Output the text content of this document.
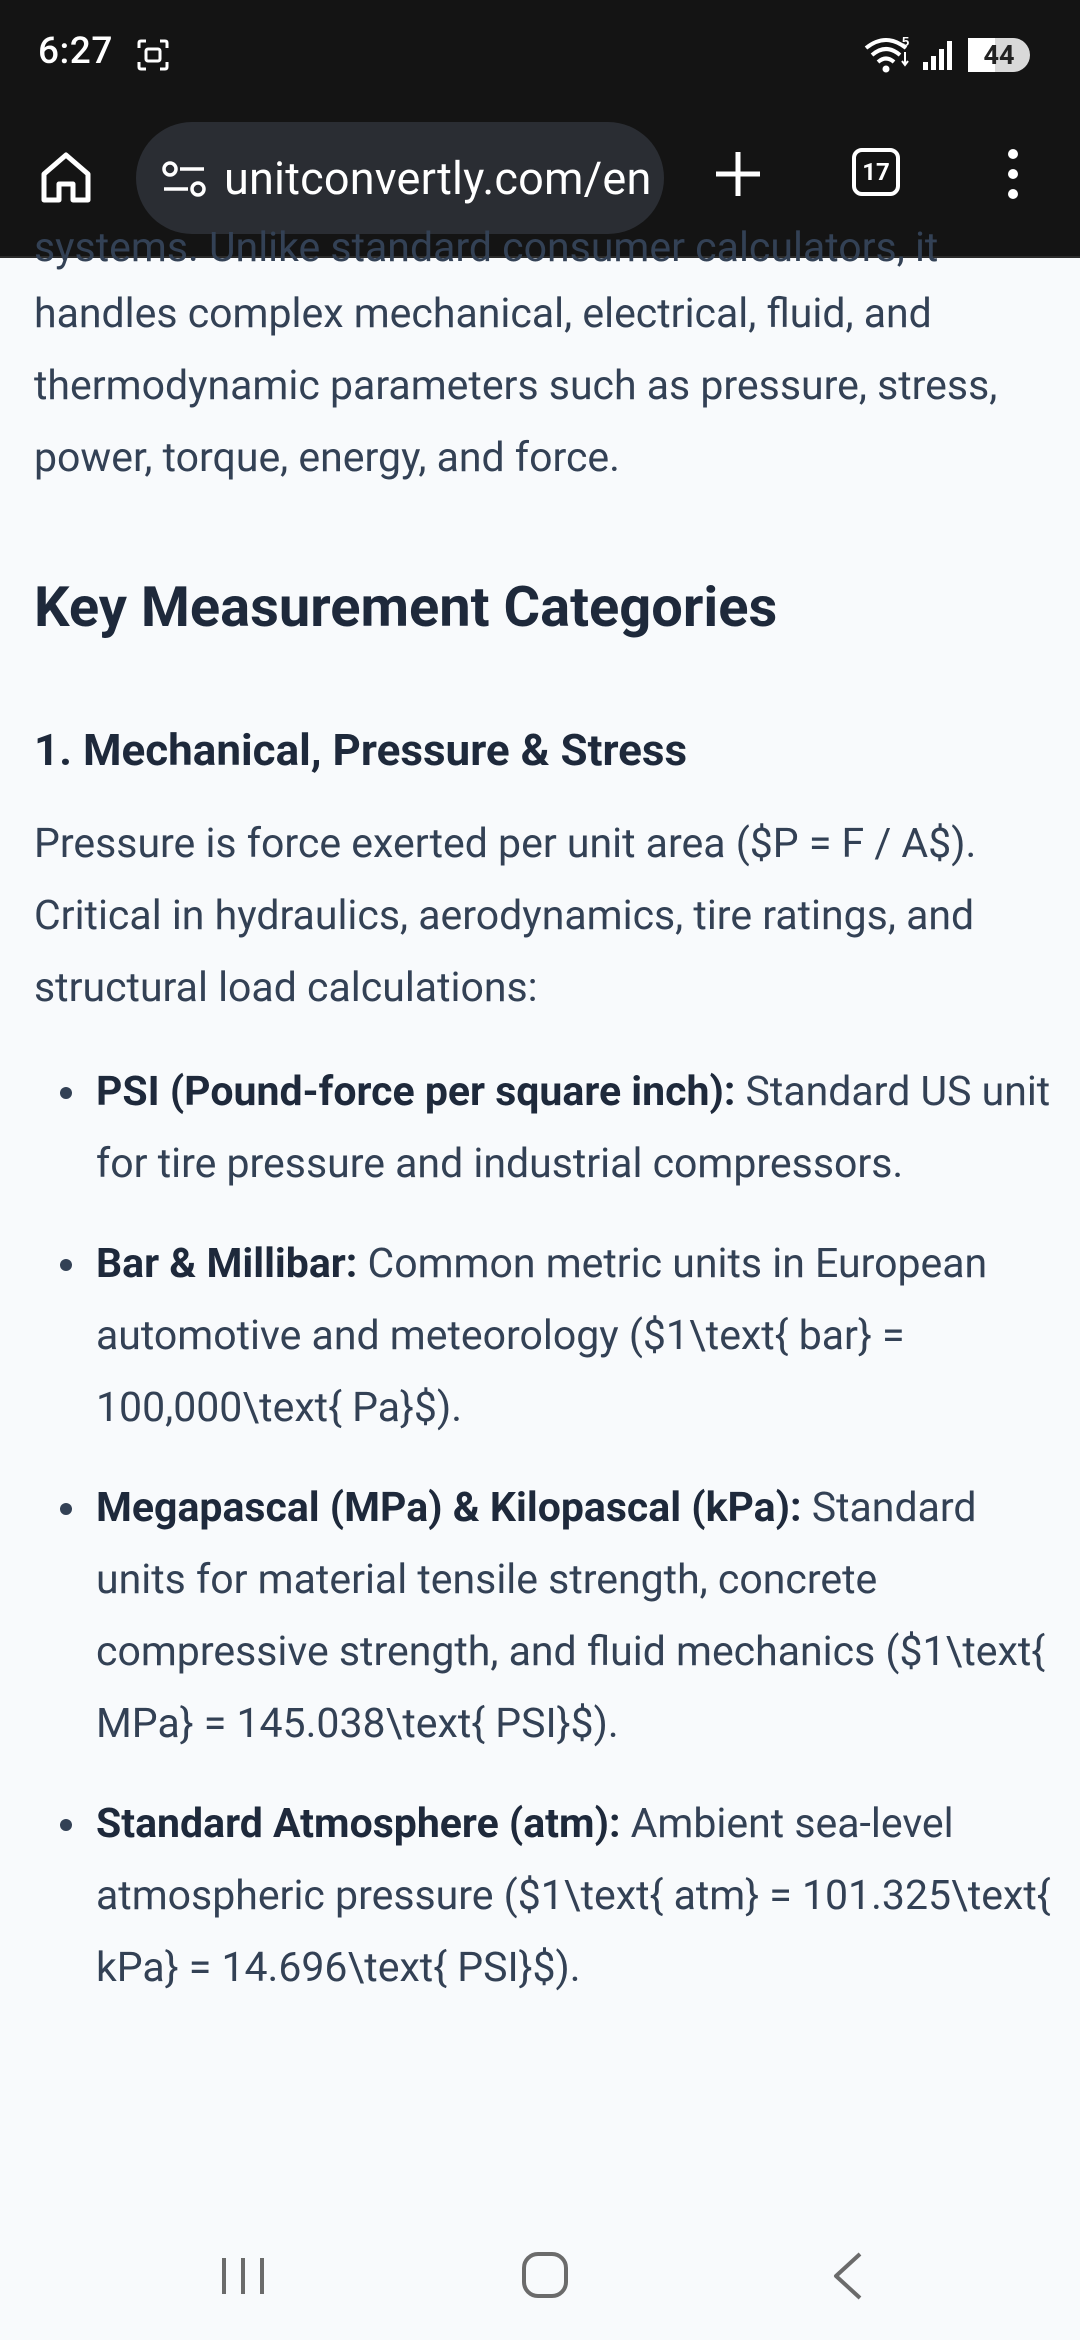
6:27	5	44
unitconvertly.com/en	17
systems. Unlike standard consumer calculators, it

handles complex mechanical, electrical, fluid, and thermodynamic parameters such as pressure, stress, power, torque, energy, and force.

Key Measurement Categories
1. Mechanical, Pressure & Stress

Pressure is force exerted per unit area ($P = F / A$). Critical in hydraulics, aerodynamics, tire ratings, and structural load calculations:

PSI (Pound-force per square inch): Standard US unit for tire pressure and industrial compressors.
Bar & Millibar: Common metric units in European automotive and meteorology ($1\text{ bar} = 100,000\text{ Pa}$).
Megapascal (MPa) & Kilopascal (kPa): Standard units for material tensile strength, concrete compressive strength, and fluid mechanics ($1\text{ MPa} = 145.038\text{ PSI}$).
Standard Atmosphere (atm): Ambient sea-level atmospheric pressure ($1\text{ atm} = 101.325\text{ kPa} = 14.696\text{ PSI}$).
